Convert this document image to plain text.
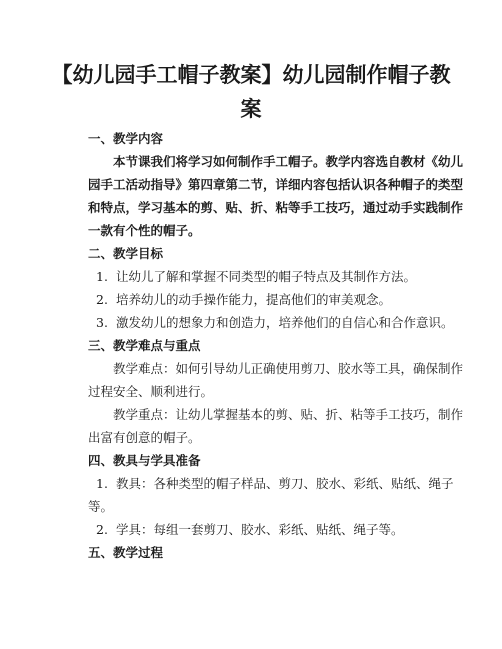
【幼儿园手工帽子教案】幼儿园制作帽子教
案
一、教学内容

本节课我们将学习如何制作手工帽子。教学内容选自教材《幼儿

园手工活动指导》第四章第二节，详细内容包括认识各种帽子的类型

和特点，学习基本的剪、贴、折、粘等手工技巧，通过动手实践制作

一款有个性的帽子。

二、教学目标

1. 让幼儿了解和掌握不同类型的帽子特点及其制作方法。

2. 培养幼儿的动手操作能力，提高他们的审美观念。

3. 激发幼儿的想象力和创造力，培养他们的自信心和合作意识。

三、教学难点与重点

教学难点：如何引导幼儿正确使用剪刀、胶水等工具，确保制作

过程安全、顺利进行。

教学重点：让幼儿掌握基本的剪、贴、折、粘等手工技巧，制作

出富有创意的帽子。

四、教具与学具准备

1. 教具：各种类型的帽子样品、剪刀、胶水、彩纸、贴纸、绳子

等。

2. 学具：每组一套剪刀、胶水、彩纸、贴纸、绳子等。

五、教学过程
